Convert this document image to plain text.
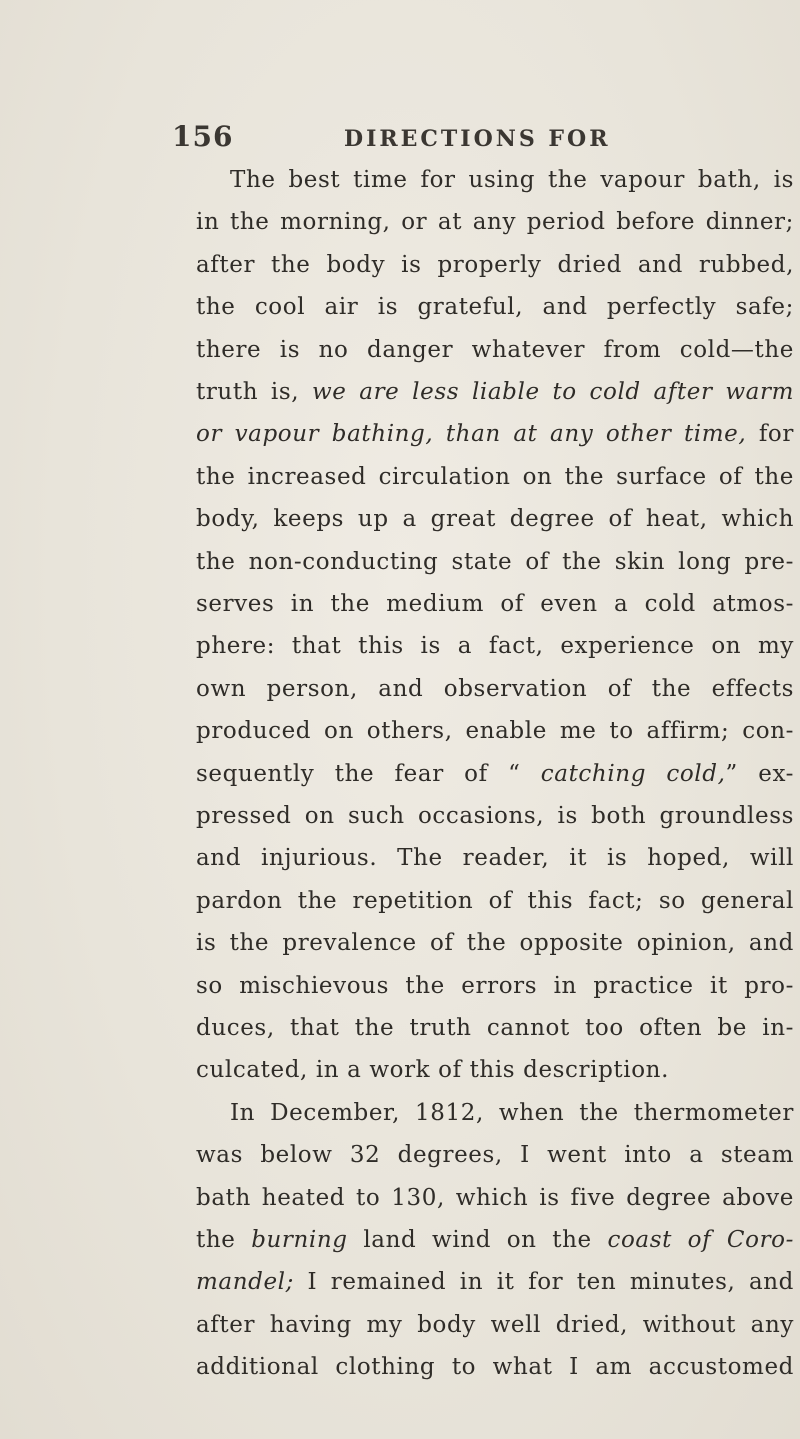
156	DIRECTIONS FOR
The best time for using the vapour bath, is
in the morning, or at any period before dinner;
after the body is properly dried and rubbed,
the cool air is grateful, and perfectly safe;
there is no danger whatever from cold—the
truth is, we are less liable to cold after warm
or vapour bathing, than at any other time, for
the increased circulation on the surface of the
body, keeps up a great degree of heat, which
the non-conducting state of the skin long pre-
serves in the medium of even a cold atmos-
phere: that this is a fact, experience on my
own person, and observation of the effects
produced on others, enable me to affirm; con-
sequently the fear of “ catching cold,” ex-
pressed on such occasions, is both groundless
and injurious. The reader, it is hoped, will
pardon the repetition of this fact; so general
is the prevalence of the opposite opinion, and
so mischievous the errors in practice it pro-
duces, that the truth cannot too often be in-
culcated, in a work of this description.
In December, 1812, when the thermometer
was below 32 degrees, I went into a steam
bath heated to 130, which is five degree above
the burning land wind on the coast of Coro-
mandel; I remained in it for ten minutes, and
after having my body well dried, without any
additional clothing to what I am accustomed
